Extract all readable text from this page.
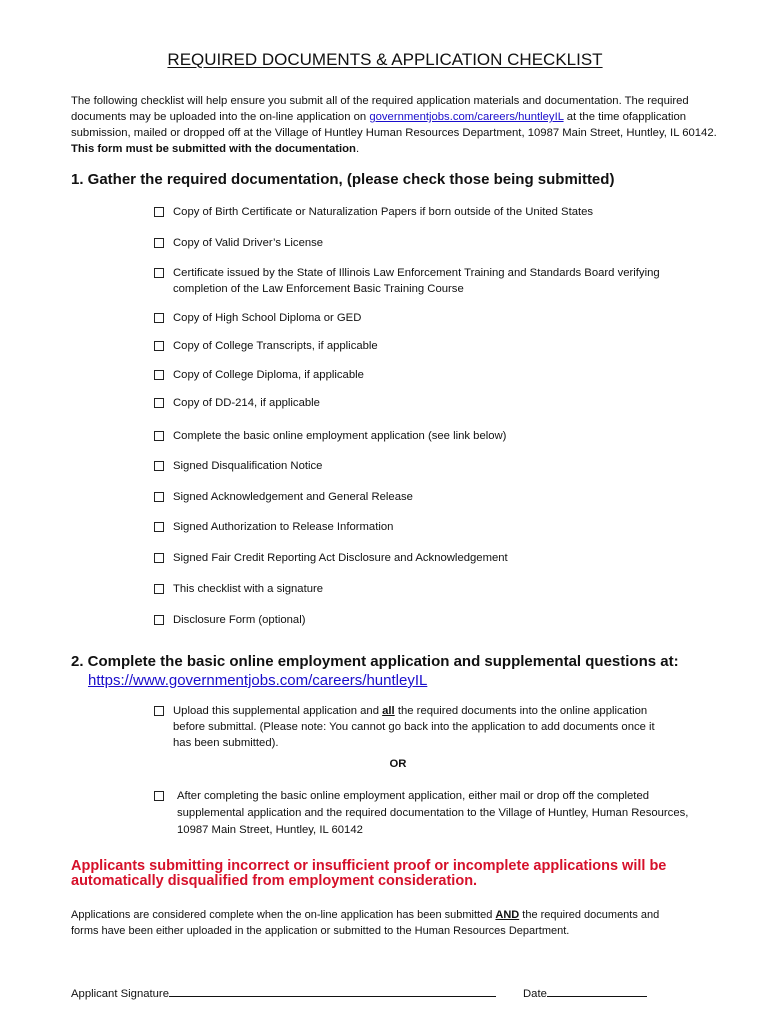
REQUIRED DOCUMENTS & APPLICATION CHECKLIST
The following checklist will help ensure you submit all of the required application materials and documentation. The required documents may be uploaded into the on-line application on governmentjobs.com/careers/huntleyIL at the time ofapplication submission, mailed or dropped off at the Village of Huntley Human Resources Department, 10987 Main Street, Huntley, IL 60142. This form must be submitted with the documentation.
1. Gather the required documentation, (please check those being submitted)
Copy of Birth Certificate or Naturalization Papers if born outside of the United States
Copy of Valid Driver’s License
Certificate issued by the State of Illinois Law Enforcement Training and Standards Board verifying completion of the Law Enforcement Basic Training Course
Copy of High School Diploma or GED
Copy of College Transcripts, if applicable
Copy of College Diploma, if applicable
Copy of DD-214, if applicable
Complete the basic online employment application (see link below)
Signed Disqualification Notice
Signed Acknowledgement and General Release
Signed Authorization to Release Information
Signed Fair Credit Reporting Act Disclosure and Acknowledgement
This checklist with a signature
Disclosure Form (optional)
2. Complete the basic online employment application and supplemental questions at:
https://www.governmentjobs.com/careers/huntleyIL
Upload this supplemental application and all the required documents into the online application before submittal. (Please note: You cannot go back into the application to add documents once it has been submitted).
OR
After completing the basic online employment application, either mail or drop off the completed supplemental application and the required documentation to the Village of Huntley, Human Resources, 10987 Main Street, Huntley, IL 60142
Applicants submitting incorrect or insufficient proof or incomplete applications will be automatically disqualified from employment consideration.
Applications are considered complete when the on-line application has been submitted AND the required documents and forms have been either uploaded in the application or submitted to the Human Resources Department.
Applicant Signature	Date
